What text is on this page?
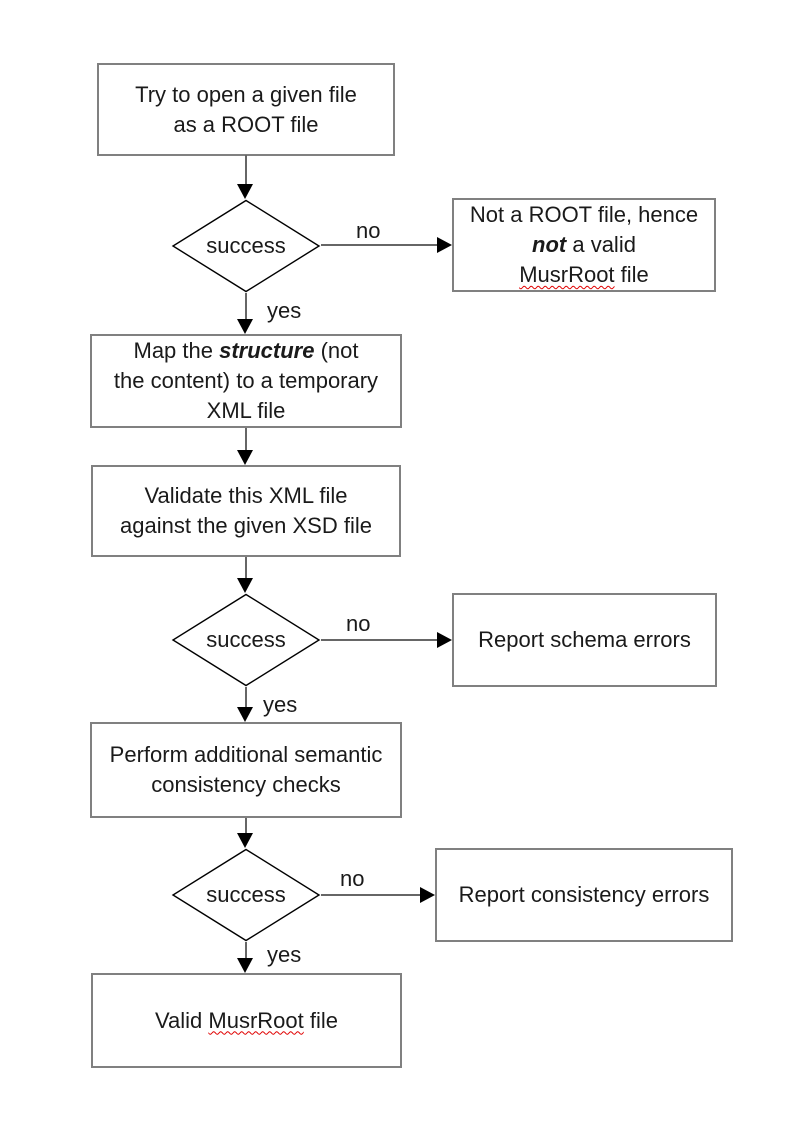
Try to open a given file
as a ROOT file
success
no
Not a ROOT file, hence
not a valid
MusrRoot file
yes
Map the structure (not
the content) to a temporary
XML file
Validate this XML file
against the given XSD file
success
no
Report schema errors
yes
Perform additional semantic
consistency checks
success
no
Report consistency errors
yes
Valid MusrRoot file
